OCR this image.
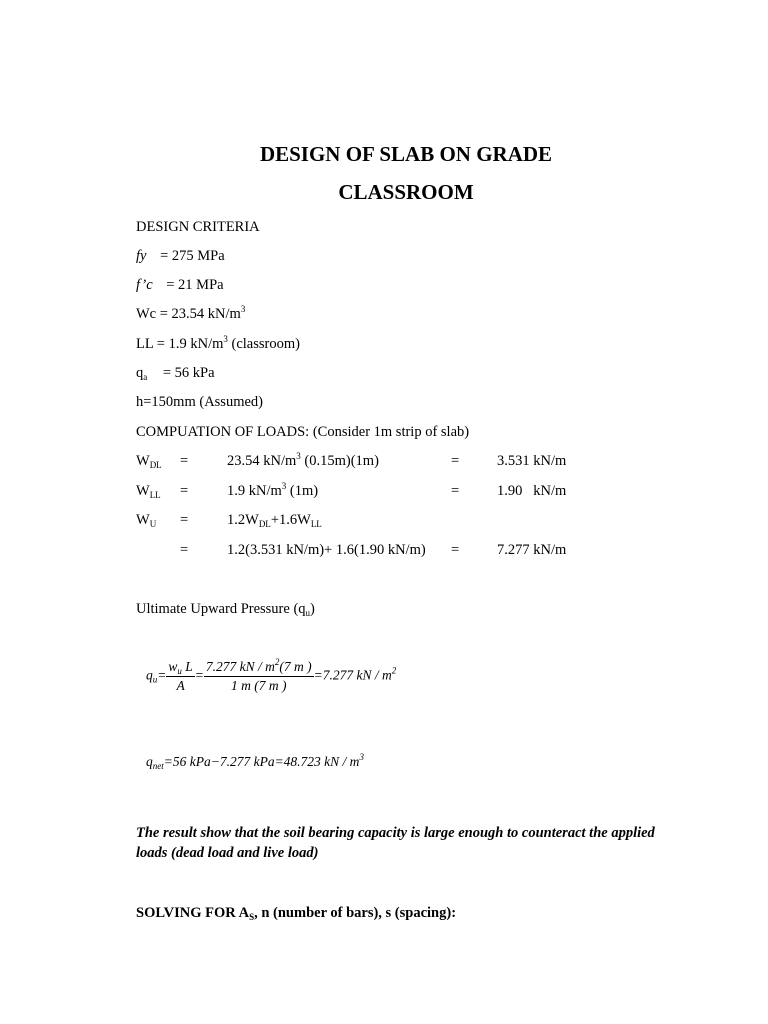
DESIGN OF SLAB ON GRADE
CLASSROOM
DESIGN CRITERIA
fy = 275 MPa
f’c = 21 MPa
Wc = 23.54 $kN/m^3$
LL = 1.9 $kN/m^3$ (classroom)
$q_a = 56$ kPa
h=150mm (Assumed)
COMPUATION OF LOADS: (Consider 1m strip of slab)
$W_{DL}$ =	23.54 $kN/m^3$ (0.15m)(1m)	=	3.531 kN/m
$W_{LL}$ =	1.9 $kN/m^3$ (1m)	=	1.90   kN/m
$W_U$ =	$1.2W_{DL}+1.6W_{LL}$
=	1.2(3.531 kN/m)+ 1.6(1.90 kN/m) =	7.277 kN/m
Ultimate Upward Pressure $(q_u)$
$q_u= \frac{w_u L}{A} = \frac{7.277 kN / m^2(7 m )}{1 m (7 m )} =7.277$ kN / $m^2$
$q_{net}=56$ kPa−7.277 kPa=48.723 kN / $m^3$
The result show that the soil bearing capacity is large enough to counteract the applied
loads (dead load and live load)
SOLVING FOR $A_S$, n (number of bars), s (spacing):
